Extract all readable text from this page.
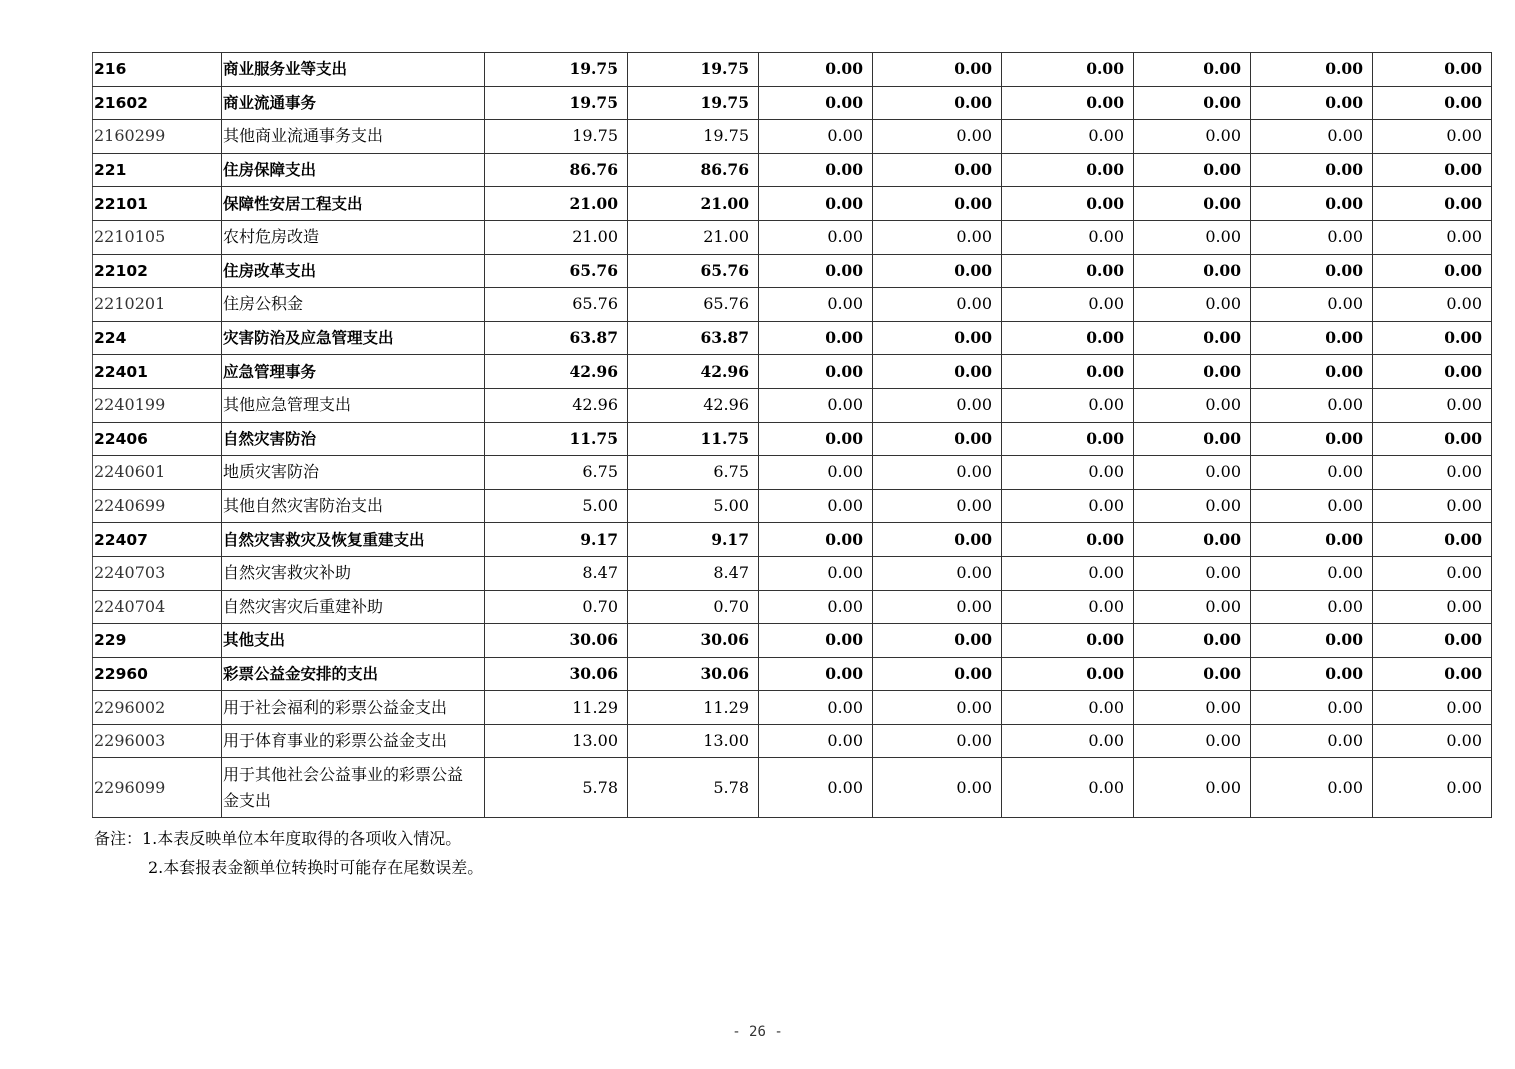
216	商业服务业等支出	19.75	19.75	0.00	0.00	0.00	0.00	0.00	0.00
21602	商业流通事务	19.75	19.75	0.00	0.00	0.00	0.00	0.00	0.00
2160299	其他商业流通事务支出	19.75	19.75	0.00	0.00	0.00	0.00	0.00	0.00
221	住房保障支出	86.76	86.76	0.00	0.00	0.00	0.00	0.00	0.00
22101	保障性安居工程支出	21.00	21.00	0.00	0.00	0.00	0.00	0.00	0.00
2210105	农村危房改造	21.00	21.00	0.00	0.00	0.00	0.00	0.00	0.00
22102	住房改革支出	65.76	65.76	0.00	0.00	0.00	0.00	0.00	0.00
2210201	住房公积金	65.76	65.76	0.00	0.00	0.00	0.00	0.00	0.00
224	灾害防治及应急管理支出	63.87	63.87	0.00	0.00	0.00	0.00	0.00	0.00
22401	应急管理事务	42.96	42.96	0.00	0.00	0.00	0.00	0.00	0.00
2240199	其他应急管理支出	42.96	42.96	0.00	0.00	0.00	0.00	0.00	0.00
22406	自然灾害防治	11.75	11.75	0.00	0.00	0.00	0.00	0.00	0.00
2240601	地质灾害防治	6.75	6.75	0.00	0.00	0.00	0.00	0.00	0.00
2240699	其他自然灾害防治支出	5.00	5.00	0.00	0.00	0.00	0.00	0.00	0.00
22407	自然灾害救灾及恢复重建支出	9.17	9.17	0.00	0.00	0.00	0.00	0.00	0.00
2240703	自然灾害救灾补助	8.47	8.47	0.00	0.00	0.00	0.00	0.00	0.00
2240704	自然灾害灾后重建补助	0.70	0.70	0.00	0.00	0.00	0.00	0.00	0.00
229	其他支出	30.06	30.06	0.00	0.00	0.00	0.00	0.00	0.00
22960	彩票公益金安排的支出	30.06	30.06	0.00	0.00	0.00	0.00	0.00	0.00
2296002	用于社会福利的彩票公益金支出	11.29	11.29	0.00	0.00	0.00	0.00	0.00	0.00
2296003	用于体育事业的彩票公益金支出	13.00	13.00	0.00	0.00	0.00	0.00	0.00	0.00
2296099	用于其他社会公益事业的彩票公益金支出	5.78	5.78	0.00	0.00	0.00	0.00	0.00	0.00
备注：1.本表反映单位本年度取得的各项收入情况。
2.本套报表金额单位转换时可能存在尾数误差。
- 26 -
